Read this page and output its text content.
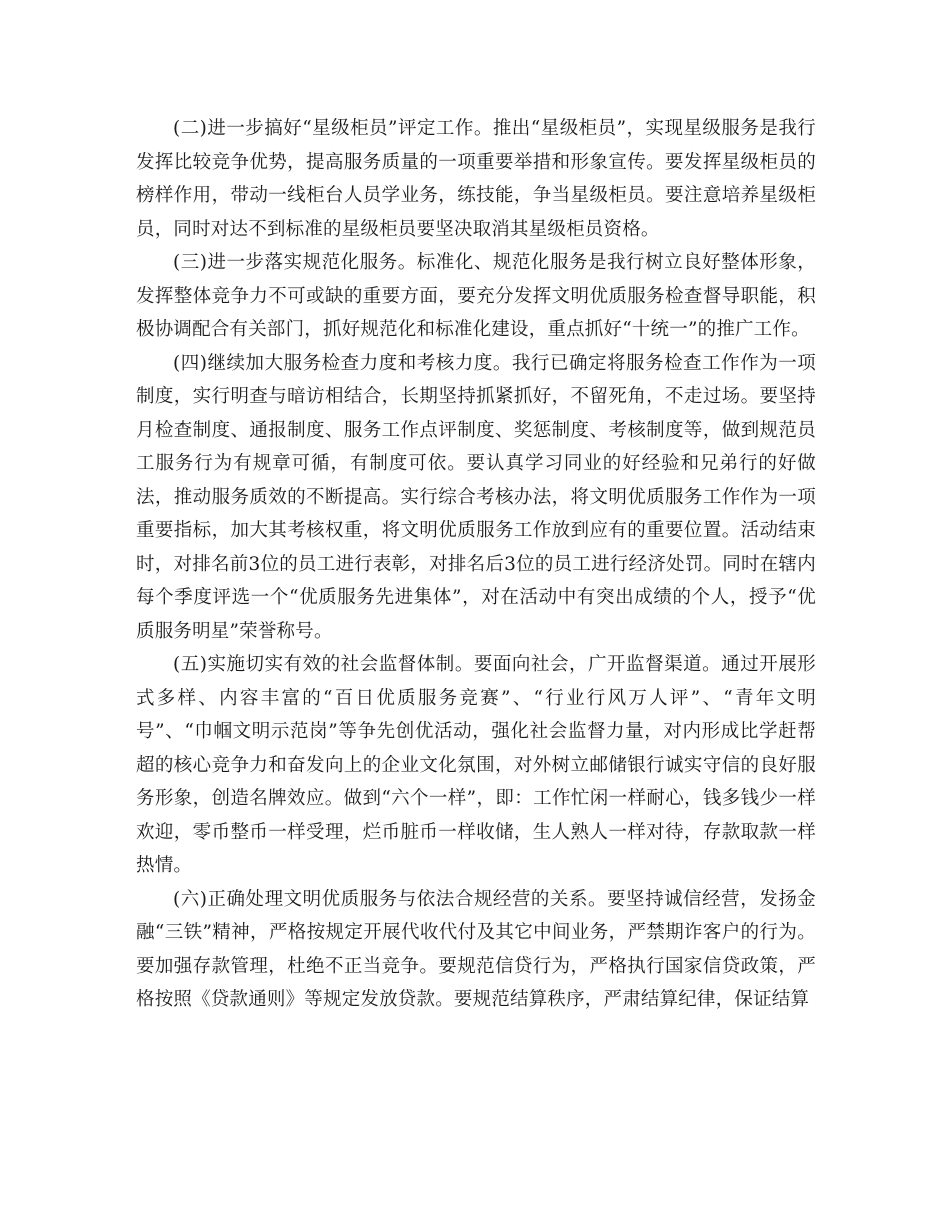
(二)进一步搞好“星级柜员”评定工作。推出“星级柜员”，实现星级服务是我行发挥比较竞争优势，提高服务质量的一项重要举措和形象宣传。要发挥星级柜员的榜样作用，带动一线柜台人员学业务，练技能，争当星级柜员。要注意培养星级柜员，同时对达不到标准的星级柜员要坚决取消其星级柜员资格。

(三)进一步落实规范化服务。标准化、规范化服务是我行树立良好整体形象，发挥整体竞争力不可或缺的重要方面，要充分发挥文明优质服务检查督导职能，积极协调配合有关部门，抓好规范化和标准化建设，重点抓好“十统一”的推广工作。

(四)继续加大服务检查力度和考核力度。我行已确定将服务检查工作作为一项制度，实行明查与暗访相结合，长期坚持抓紧抓好，不留死角，不走过场。要坚持月检查制度、通报制度、服务工作点评制度、奖惩制度、考核制度等，做到规范员工服务行为有规章可循，有制度可依。要认真学习同业的好经验和兄弟行的好做法，推动服务质效的不断提高。实行综合考核办法，将文明优质服务工作作为一项重要指标，加大其考核权重，将文明优质服务工作放到应有的重要位置。活动结束时，对排名前3位的员工进行表彰，对排名后3位的员工进行经济处罚。同时在辖内每个季度评选一个“优质服务先进集体”，对在活动中有突出成绩的个人，授予“优质服务明星”荣誉称号。

(五)实施切实有效的社会监督体制。要面向社会，广开监督渠道。通过开展形式多样、内容丰富的“百日优质服务竞赛”、“行业行风万人评”、“青年文明号”、“巾帼文明示范岗”等争先创优活动，强化社会监督力量，对内形成比学赶帮超的核心竞争力和奋发向上的企业文化氛围，对外树立邮储银行诚实守信的良好服务形象，创造名牌效应。做到“六个一样”，即：工作忙闲一样耐心，钱多钱少一样欢迎，零币整币一样受理，烂币脏币一样收储，生人熟人一样对待，存款取款一样热情。

(六)正确处理文明优质服务与依法合规经营的关系。要坚持诚信经营，发扬金融“三铁”精神，严格按规定开展代收代付及其它中间业务，严禁期诈客户的行为。要加强存款管理，杜绝不正当竞争。要规范信贷行为，严格执行国家信贷政策，严格按照《贷款通则》等规定发放贷款。要规范结算秩序，严肃结算纪律，保证结算
